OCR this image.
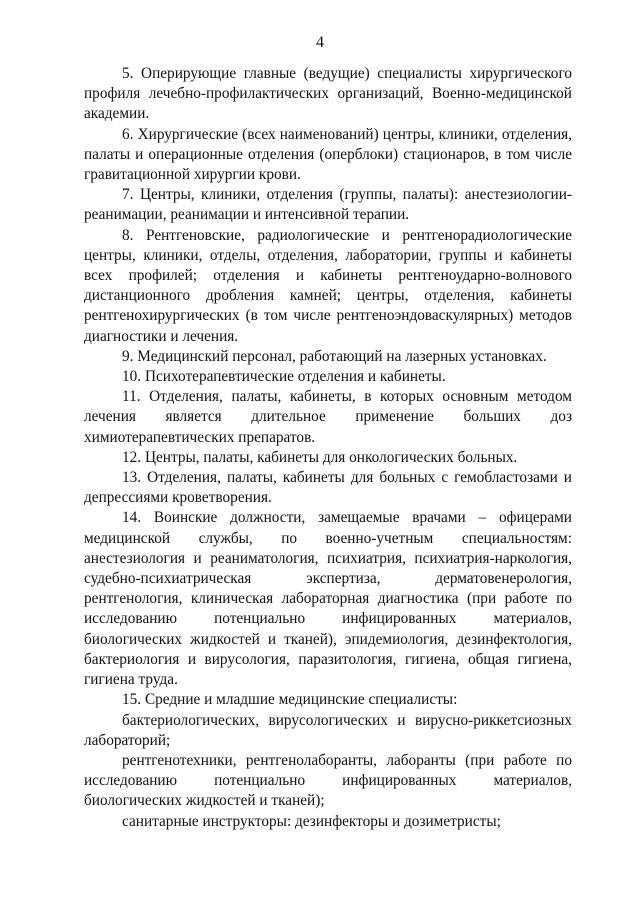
4

5. Оперирующие главные (ведущие) специалисты хирургического профиля лечебно-профилактических организаций, Военно-медицинской академии.

6. Хирургические (всех наименований) центры, клиники, отделения, палаты и операционные отделения (оперблоки) стационаров, в том числе гравитационной хирургии крови.

7. Центры, клиники, отделения (группы, палаты): анестезиологии-реанимации, реанимации и интенсивной терапии.

8. Рентгеновские, радиологические и рентгенорадиологические центры, клиники, отделы, отделения, лаборатории, группы и кабинеты всех профилей; отделения и кабинеты рентгеноударно-волнового дистанционного дробления камней; центры, отделения, кабинеты рентгенохирургических (в том числе рентгеноэндоваскулярных) методов диагностики и лечения.

9. Медицинский персонал, работающий на лазерных установках.

10. Психотерапевтические отделения и кабинеты.

11. Отделения, палаты, кабинеты, в которых основным методом лечения является длительное применение больших доз химиотерапевтических препаратов.

12. Центры, палаты, кабинеты для онкологических больных.

13. Отделения, палаты, кабинеты для больных с гемобластозами и депрессиями кроветворения.

14. Воинские должности, замещаемые врачами – офицерами медицинской службы, по военно-учетным специальностям: анестезиология и реаниматология, психиатрия, психиатрия-наркология, судебно-психиатрическая экспертиза, дерматовенерология, рентгенология, клиническая лабораторная диагностика (при работе по исследованию потенциально инфицированных материалов, биологических жидкостей и тканей), эпидемиология, дезинфектология, бактериология и вирусология, паразитология, гигиена, общая гигиена, гигиена труда.

15. Средние и младшие медицинские специалисты:

бактериологических, вирусологических и вирусно-риккетсиозных лабораторий;

рентгенотехники, рентгенолаборанты, лаборанты (при работе по исследованию потенциально инфицированных материалов, биологических жидкостей и тканей);

санитарные инструкторы: дезинфекторы и дозиметристы;
